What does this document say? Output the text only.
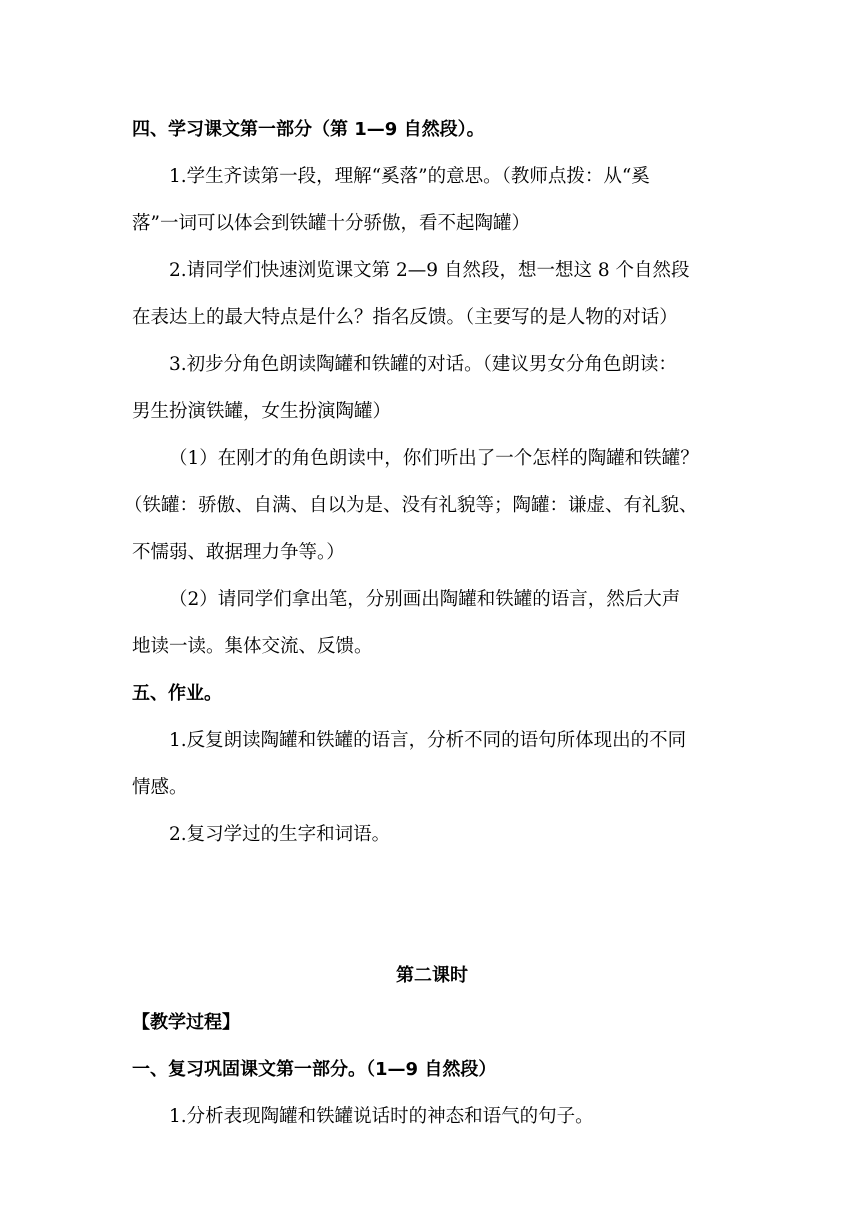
四、学习课文第一部分（第 1—9 自然段）。
1.学生齐读第一段，理解“奚落”的意思。（教师点拨：从“奚
落”一词可以体会到铁罐十分骄傲，看不起陶罐）
2.请同学们快速浏览课文第 2—9 自然段，想一想这 8 个自然段
在表达上的最大特点是什么？指名反馈。（主要写的是人物的对话）
3.初步分角色朗读陶罐和铁罐的对话。（建议男女分角色朗读：
男生扮演铁罐，女生扮演陶罐）
（1）在刚才的角色朗读中，你们听出了一个怎样的陶罐和铁罐？
（铁罐：骄傲、自满、自以为是、没有礼貌等；陶罐：谦虚、有礼貌、
不懦弱、敢据理力争等。）
（2）请同学们拿出笔，分别画出陶罐和铁罐的语言，然后大声
地读一读。集体交流、反馈。
五、作业。
1.反复朗读陶罐和铁罐的语言，分析不同的语句所体现出的不同
情感。
2.复习学过的生字和词语。
第二课时
【教学过程】
一、复习巩固课文第一部分。（1—9 自然段）
1.分析表现陶罐和铁罐说话时的神态和语气的句子。
